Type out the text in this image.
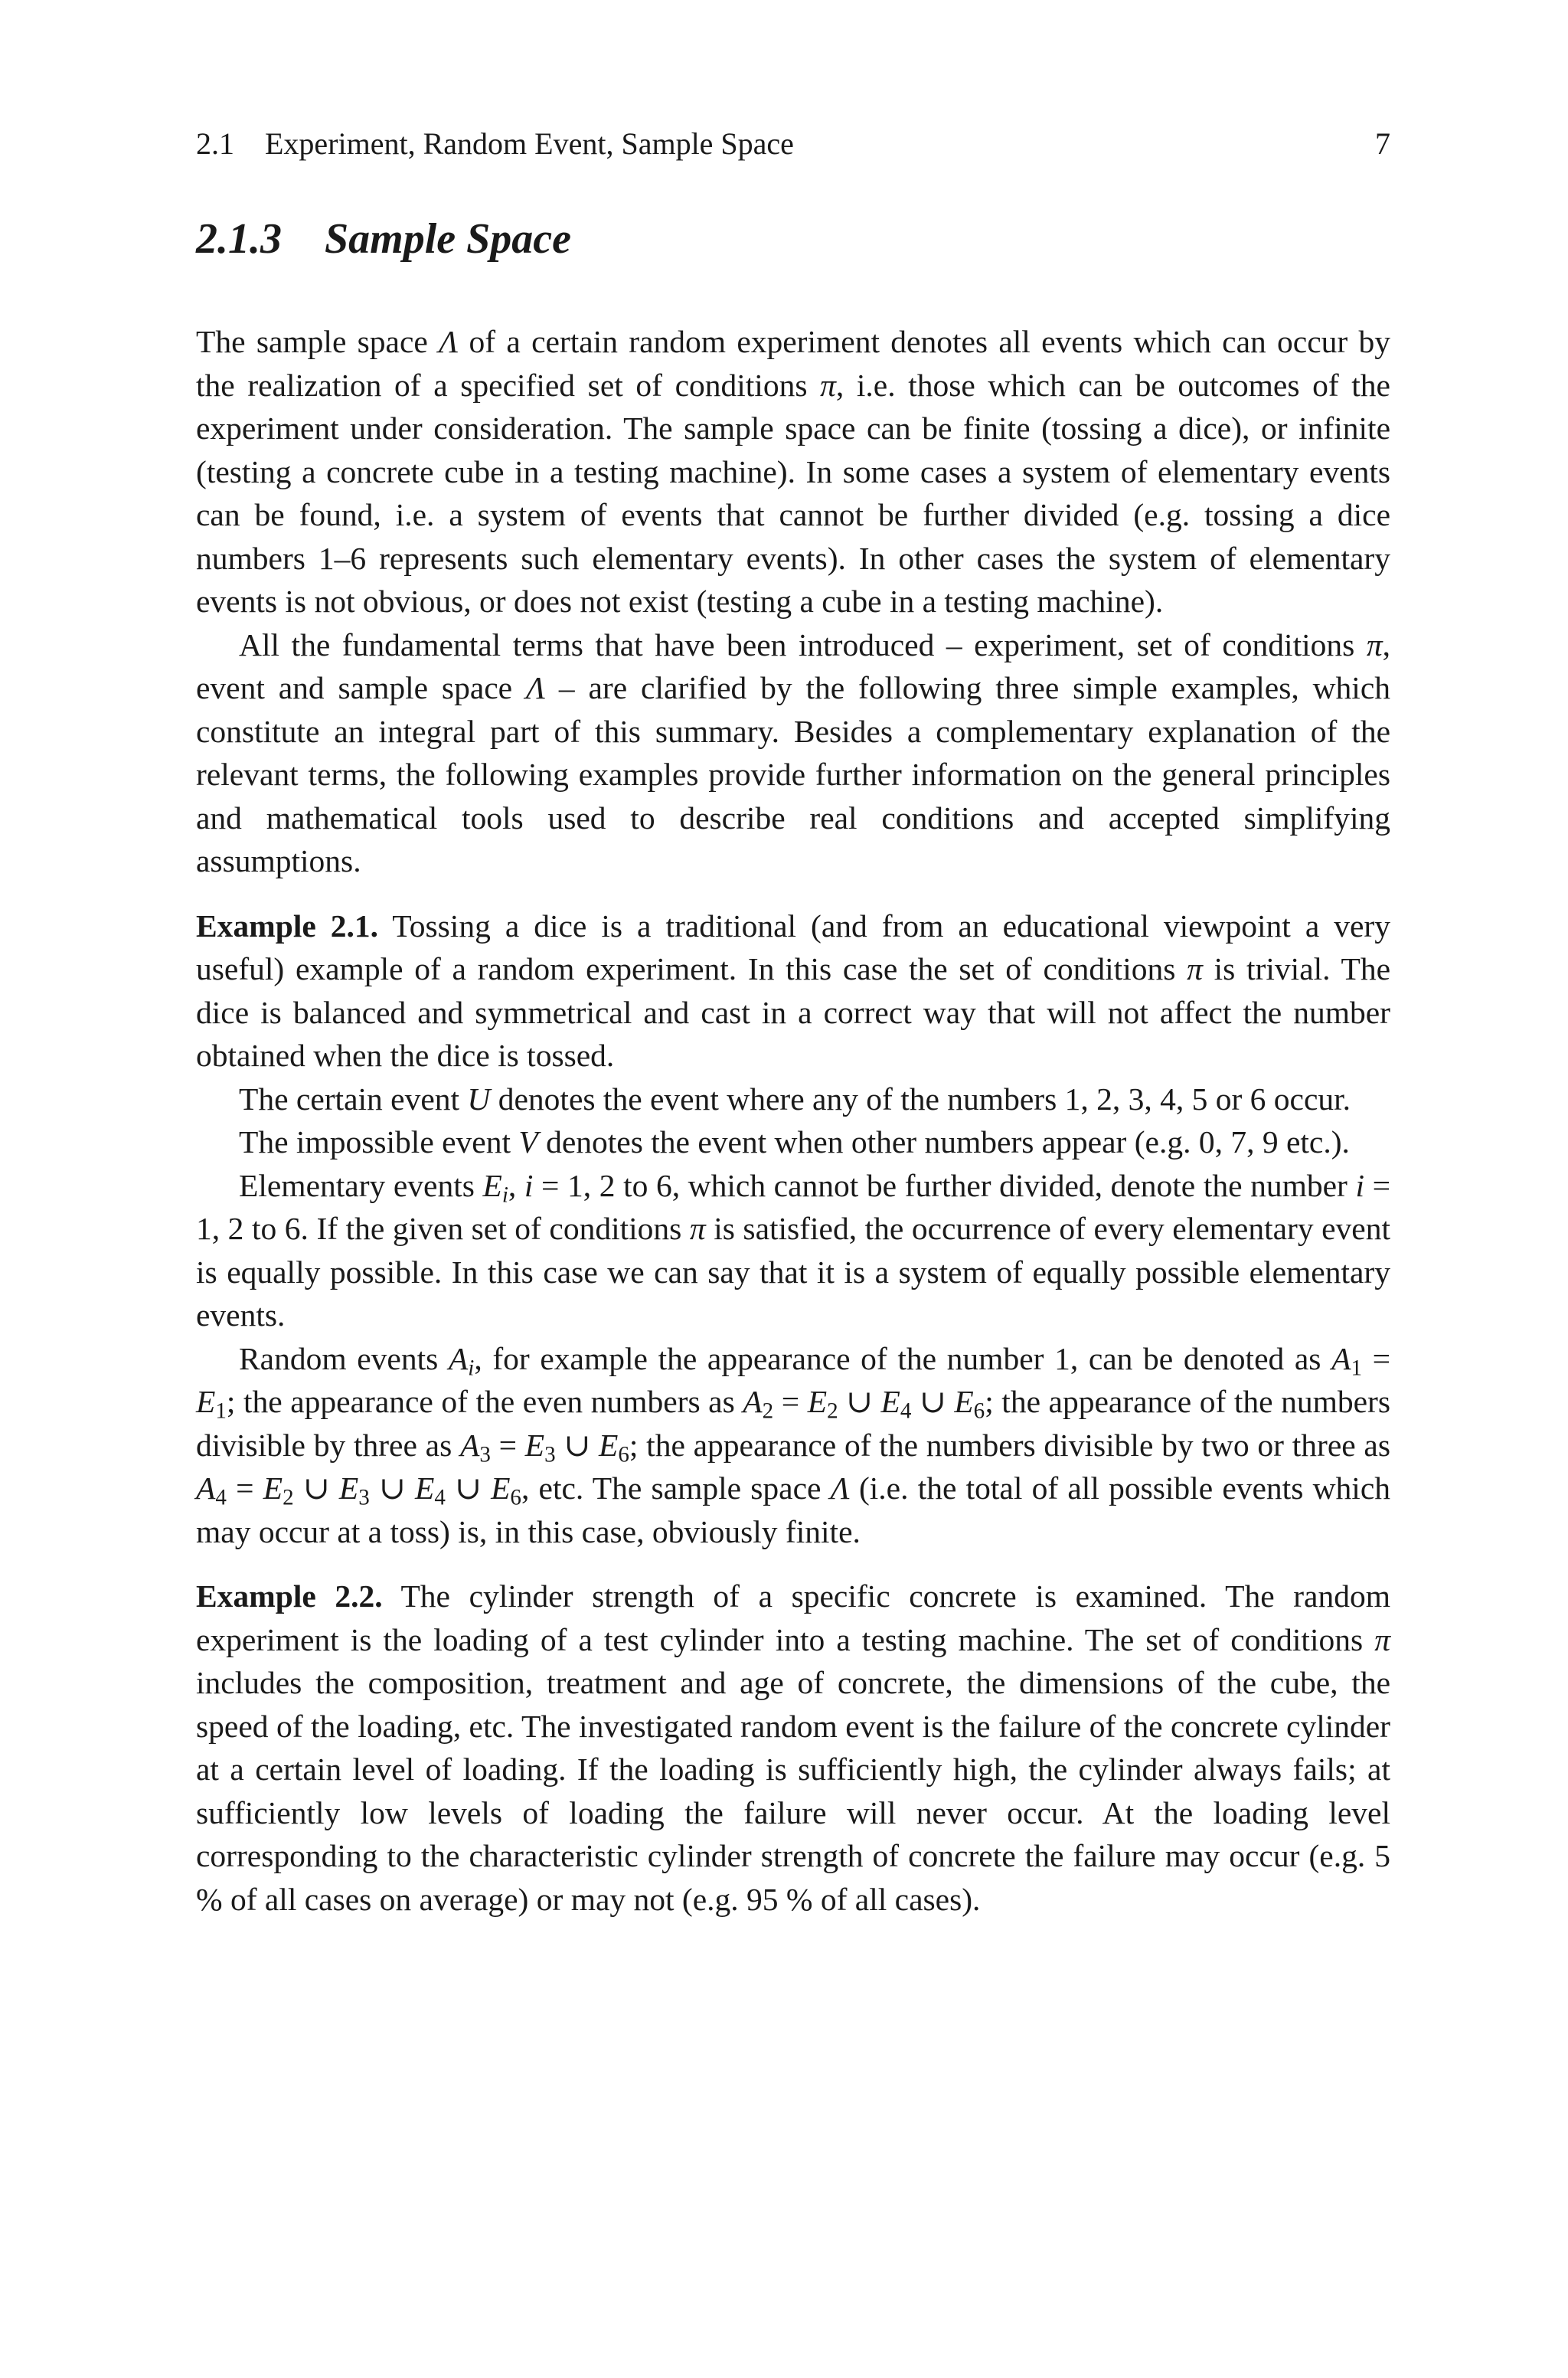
2.1 Experiment, Random Event, Sample Space	7
2.1.3 Sample Space

The sample space Λ of a certain random experiment denotes all events which can occur by the realization of a specified set of conditions π, i.e. those which can be outcomes of the experiment under consideration. The sample space can be finite (tossing a dice), or infinite (testing a concrete cube in a testing machine). In some cases a system of elementary events can be found, i.e. a system of events that cannot be further divided (e.g. tossing a dice numbers 1–6 represents such elementary events). In other cases the system of elementary events is not obvious, or does not exist (testing a cube in a testing machine).

All the fundamental terms that have been introduced – experiment, set of conditions π, event and sample space Λ – are clarified by the following three simple examples, which constitute an integral part of this summary. Besides a complementary explanation of the relevant terms, the following examples provide further information on the general principles and mathematical tools used to describe real conditions and accepted simplifying assumptions.

Example 2.1. Tossing a dice is a traditional (and from an educational viewpoint a very useful) example of a random experiment. In this case the set of conditions π is trivial. The dice is balanced and symmetrical and cast in a correct way that will not affect the number obtained when the dice is tossed.

The certain event U denotes the event where any of the numbers 1, 2, 3, 4, 5 or 6 occur.

The impossible event V denotes the event when other numbers appear (e.g. 0, 7, 9 etc.).

Elementary events $E_i$, i = 1, 2 to 6, which cannot be further divided, denote the number i = 1, 2 to 6. If the given set of conditions π is satisfied, the occurrence of every elementary event is equally possible. In this case we can say that it is a system of equally possible elementary events.

Random events $A_i$, for example the appearance of the number 1, can be denoted as $A_1 = E_1$; the appearance of the even numbers as $A_2 = E_2$ ∪ $E_4$ ∪ $E_6$; the appearance of the numbers divisible by three as $A_3 = E_3$ ∪ $E_6$; the appearance of the numbers divisible by two or three as $A_4 = E_2$ ∪ $E_3$ ∪ $E_4$ ∪ $E_6$, etc. The sample space Λ (i.e. the total of all possible events which may occur at a toss) is, in this case, obviously finite.

Example 2.2. The cylinder strength of a specific concrete is examined. The random experiment is the loading of a test cylinder into a testing machine. The set of conditions π includes the composition, treatment and age of concrete, the dimensions of the cube, the speed of the loading, etc. The investigated random event is the failure of the concrete cylinder at a certain level of loading. If the loading is sufficiently high, the cylinder always fails; at sufficiently low levels of loading the failure will never occur. At the loading level corresponding to the characteristic cylinder strength of concrete the failure may occur (e.g. 5 % of all cases on average) or may not (e.g. 95 % of all cases).
